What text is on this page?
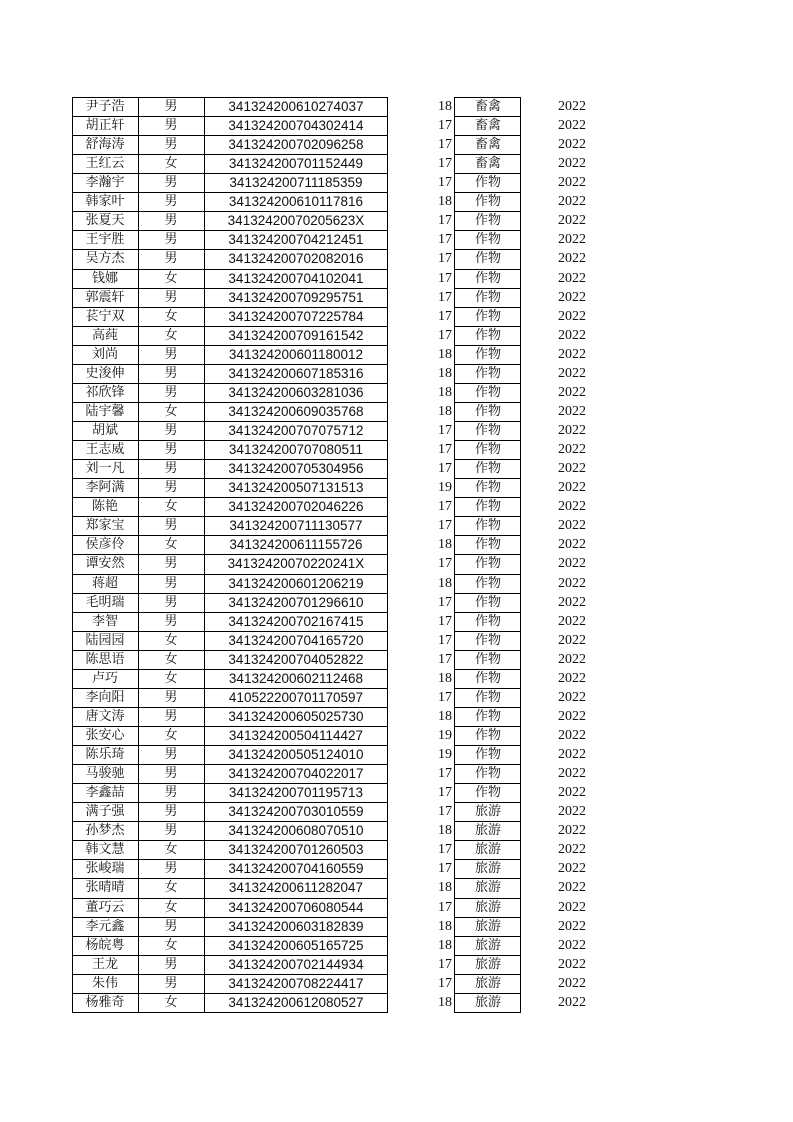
尹子浩	男	341324200610274037	18	畜禽	2022
胡正轩	男	341324200704302414	17	畜禽	2022
舒海涛	男	341324200702096258	17	畜禽	2022
王红云	女	341324200701152449	17	畜禽	2022
李瀚宇	男	341324200711185359	17	作物	2022
韩家叶	男	341324200610117816	18	作物	2022
张夏天	男	34132420070205623X	17	作物	2022
王宇胜	男	341324200704212451	17	作物	2022
吴方杰	男	341324200702082016	17	作物	2022
钱娜	女	341324200704102041	17	作物	2022
郭震轩	男	341324200709295751	17	作物	2022
苌宁双	女	341324200707225784	17	作物	2022
高莼	女	341324200709161542	17	作物	2022
刘尚	男	341324200601180012	18	作物	2022
史浚伸	男	341324200607185316	18	作物	2022
祁欣锋	男	341324200603281036	18	作物	2022
陆宇馨	女	341324200609035768	18	作物	2022
胡斌	男	341324200707075712	17	作物	2022
王志威	男	341324200707080511	17	作物	2022
刘一凡	男	341324200705304956	17	作物	2022
李阿满	男	341324200507131513	19	作物	2022
陈艳	女	341324200702046226	17	作物	2022
郑家宝	男	341324200711130577	17	作物	2022
侯彦伶	女	341324200611155726	18	作物	2022
谭安然	男	34132420070220241X	17	作物	2022
蒋超	男	341324200601206219	18	作物	2022
毛明瑞	男	341324200701296610	17	作物	2022
李智	男	341324200702167415	17	作物	2022
陆园园	女	341324200704165720	17	作物	2022
陈思语	女	341324200704052822	17	作物	2022
卢巧	女	341324200602112468	18	作物	2022
李向阳	男	410522200701170597	17	作物	2022
唐文涛	男	341324200605025730	18	作物	2022
张安心	女	341324200504114427	19	作物	2022
陈乐琦	男	341324200505124010	19	作物	2022
马骏驰	男	341324200704022017	17	作物	2022
李鑫喆	男	341324200701195713	17	作物	2022
满子强	男	341324200703010559	17	旅游	2022
孙梦杰	男	341324200608070510	18	旅游	2022
韩文慧	女	341324200701260503	17	旅游	2022
张峻瑞	男	341324200704160559	17	旅游	2022
张晴晴	女	341324200611282047	18	旅游	2022
董巧云	女	341324200706080544	17	旅游	2022
李元鑫	男	341324200603182839	18	旅游	2022
杨皖粤	女	341324200605165725	18	旅游	2022
王龙	男	341324200702144934	17	旅游	2022
朱伟	男	341324200708224417	17	旅游	2022
杨雅奇	女	341324200612080527	18	旅游	2022
